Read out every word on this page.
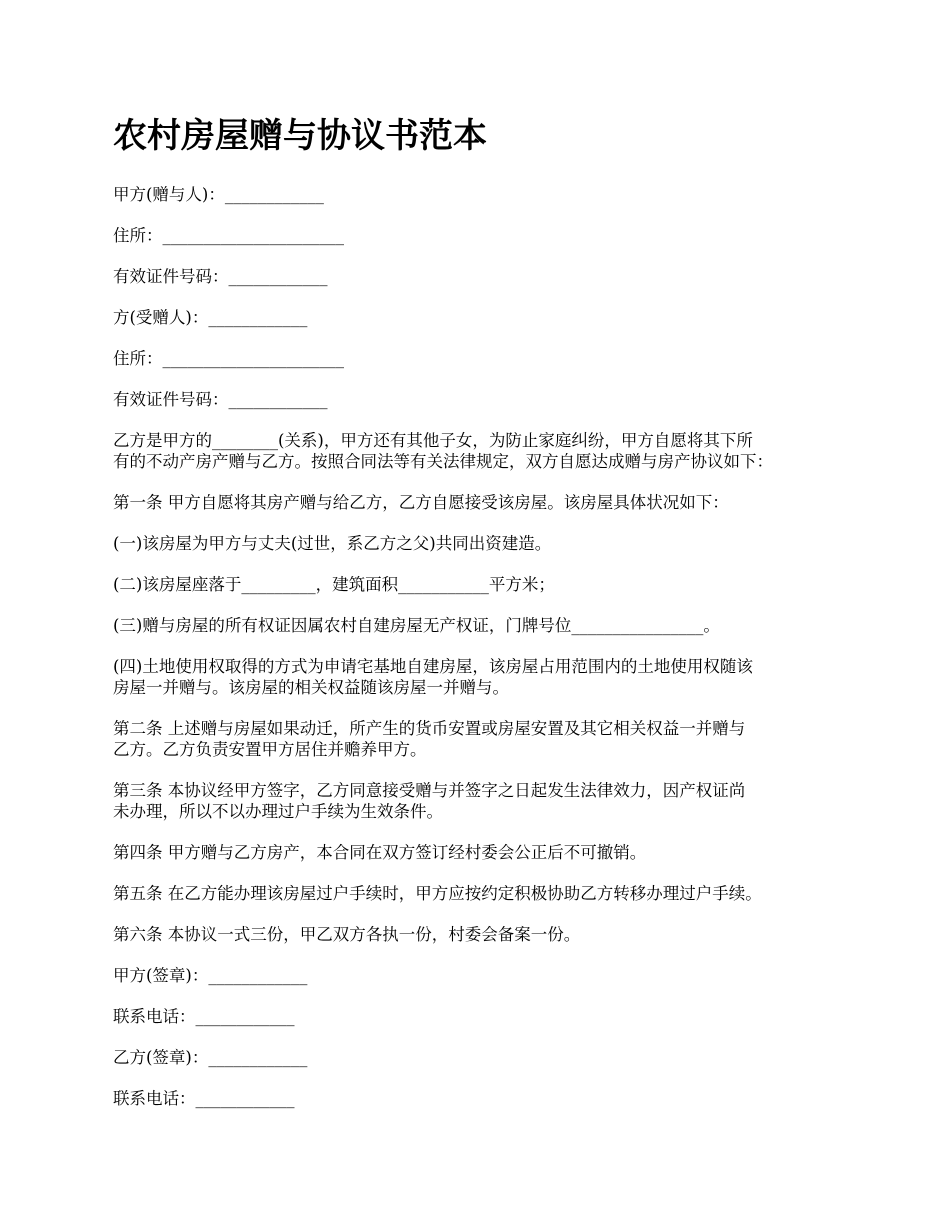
农村房屋赠与协议书范本
甲方(赠与人)：____________
住所：______________________
有效证件号码：____________
方(受赠人)：____________
住所：______________________
有效证件号码：____________
乙方是甲方的________(关系)，甲方还有其他子女，为防止家庭纠纷，甲方自愿将其下所
有的不动产房产赠与乙方。按照合同法等有关法律规定，双方自愿达成赠与房产协议如下：
第一条 甲方自愿将其房产赠与给乙方，乙方自愿接受该房屋。该房屋具体状况如下：
(一)该房屋为甲方与丈夫(过世，系乙方之父)共同出资建造。
(二)该房屋座落于_________，建筑面积___________平方米；
(三)赠与房屋的所有权证因属农村自建房屋无产权证，门牌号位________________。
(四)土地使用权取得的方式为申请宅基地自建房屋，该房屋占用范围内的土地使用权随该
房屋一并赠与。该房屋的相关权益随该房屋一并赠与。
第二条 上述赠与房屋如果动迁，所产生的货币安置或房屋安置及其它相关权益一并赠与
乙方。乙方负责安置甲方居住并赡养甲方。
第三条 本协议经甲方签字，乙方同意接受赠与并签字之日起发生法律效力，因产权证尚
未办理，所以不以办理过户手续为生效条件。
第四条 甲方赠与乙方房产，本合同在双方签订经村委会公正后不可撤销。
第五条 在乙方能办理该房屋过户手续时，甲方应按约定积极协助乙方转移办理过户手续。
第六条 本协议一式三份，甲乙双方各执一份，村委会备案一份。
甲方(签章)：____________
联系电话：____________
乙方(签章)：____________
联系电话：____________
